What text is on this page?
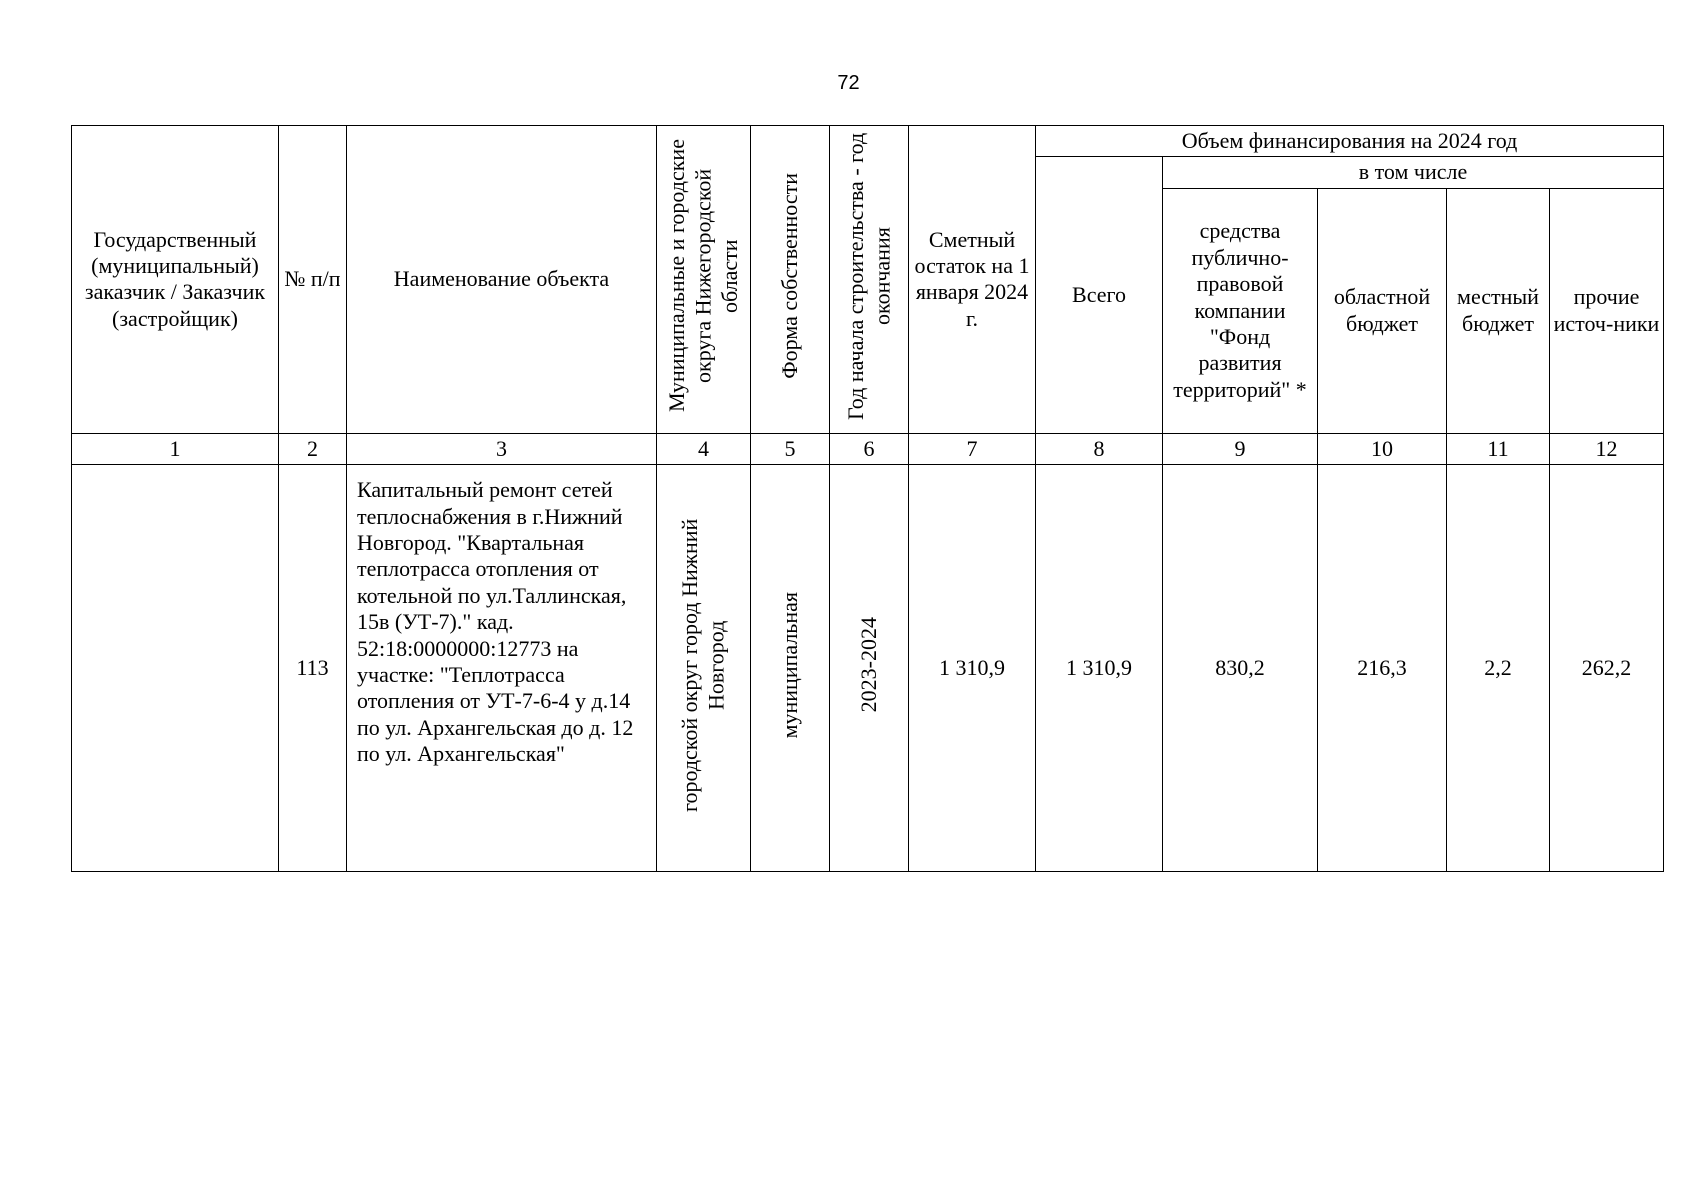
72
Государственный (муниципальный) заказчик / Заказчик (застройщик)	№ п/п	Наименование объекта	Муниципальные и городские округа Нижегородской области	Форма собственности	Год начала строительства - год окончания	Сметный остаток на 1 января 2024 г.	Объем финансирования на 2024 год				
							Всего	в том числе			
								средства публично-правовой компании "Фонд развития территорий" *	областной бюджет	местный бюджет	прочие источ-ники
1	2	3	4	5	6	7	8	9	10	11	12
	113	Капитальный ремонт сетей теплоснабжения в г.Нижний Новгород. "Квартальная теплотрасса отопления от котельной по ул.Таллинская, 15в (УТ-7)." кад. 52:18:0000000:12773 на участке: "Теплотрасса отопления от УТ-7-6-4 у д.14 по ул. Архангельская до д. 12 по ул. Архангельская"	городской округ город Нижний Новгород	муниципальная	2023-2024	1 310,9	1 310,9	830,2	216,3	2,2	262,2
